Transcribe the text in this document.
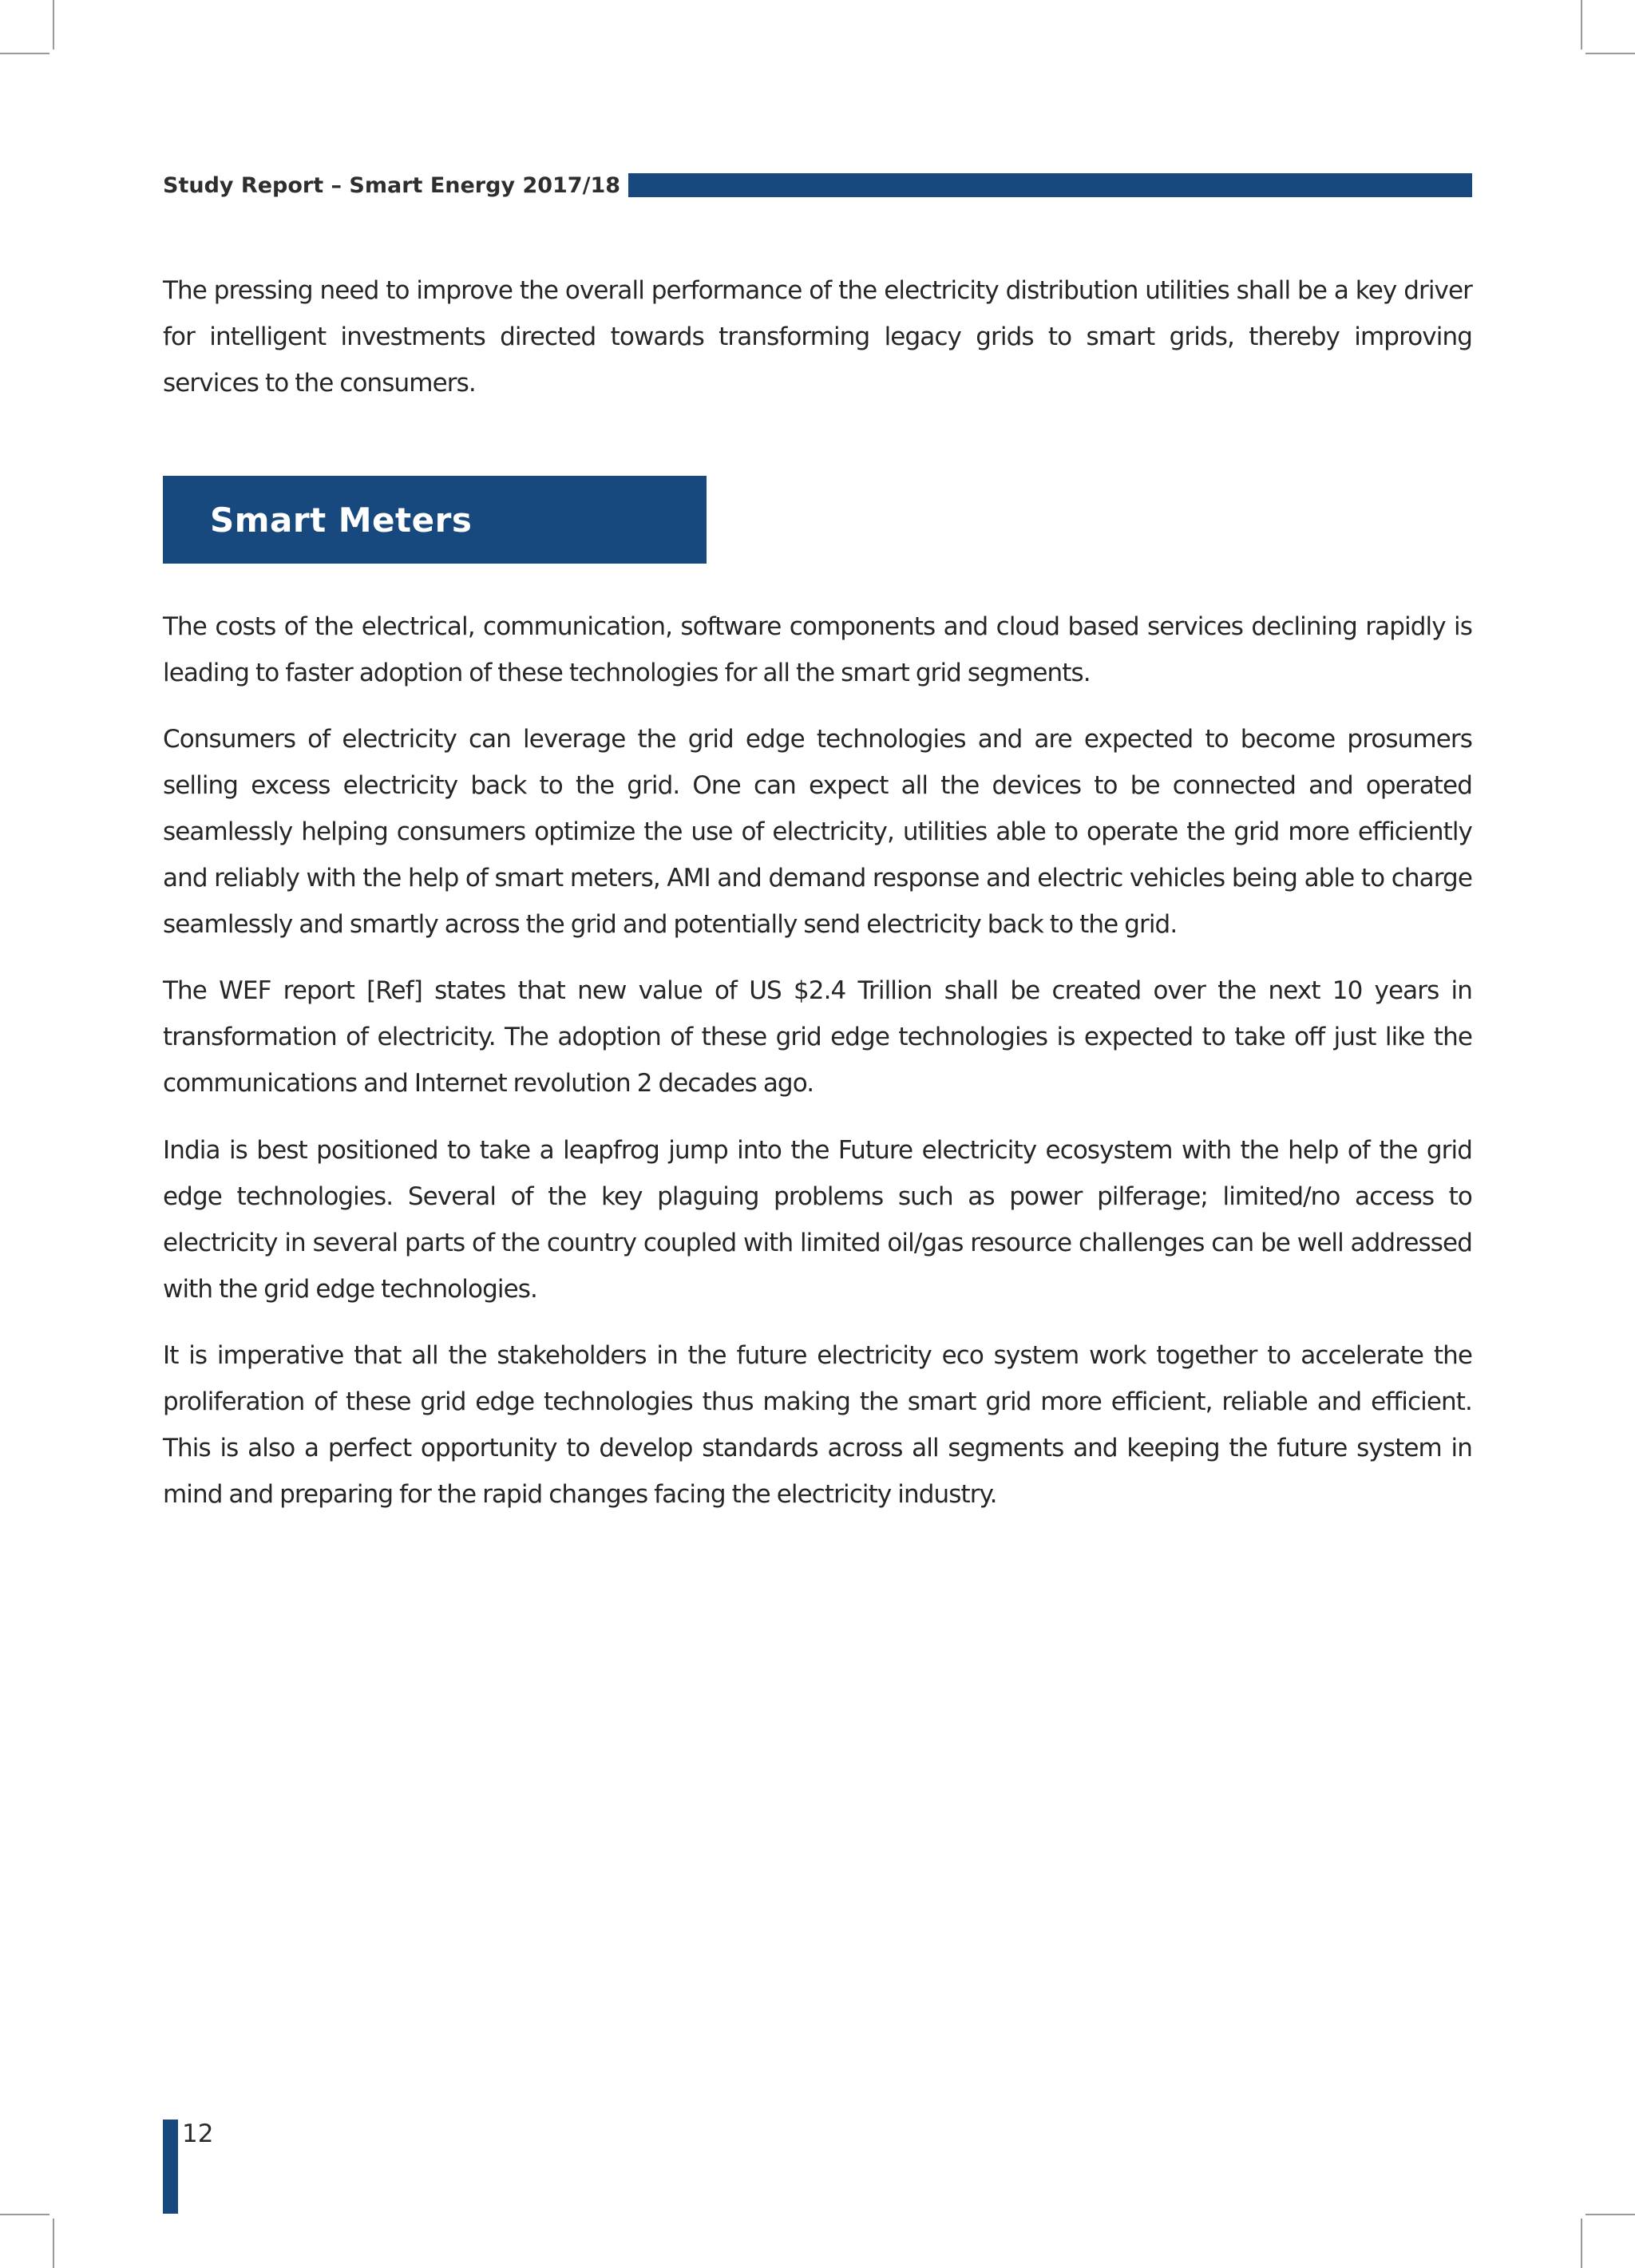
Study Report – Smart Energy 2017/18

The pressing need to improve the overall performance of the electricity distribution utilities shall be a key driver for intelligent investments directed towards transforming legacy grids to smart grids, thereby improving services to the consumers.

Smart Meters

The costs of the electrical, communication, software components and cloud based services declining rapidly is leading to faster adoption of these technologies for all the smart grid segments.

Consumers of electricity can leverage the grid edge technologies and are expected to become prosumers selling excess electricity back to the grid. One can expect all the devices to be connected and operated seamlessly helping consumers optimize the use of electricity, utilities able to operate the grid more efficiently and reliably with the help of smart meters, AMI and demand response and electric vehicles being able to charge seamlessly and smartly across the grid and potentially send electricity back to the grid.

The WEF report [Ref] states that new value of US $2.4 Trillion shall be created over the next 10 years in transformation of electricity. The adoption of these grid edge technologies is expected to take off just like the communications and Internet revolution 2 decades ago.

India is best positioned to take a leapfrog jump into the Future electricity ecosystem with the help of the grid edge technologies. Several of the key plaguing problems such as power pilferage; limited/no access to electricity in several parts of the country coupled with limited oil/gas resource challenges can be well addressed with the grid edge technologies.

It is imperative that all the stakeholders in the future electricity eco system work together to accelerate the proliferation of these grid edge technologies thus making the smart grid more efficient, reliable and efficient. This is also a perfect opportunity to develop standards across all segments and keeping the future system in mind and preparing for the rapid changes facing the electricity industry.

12
